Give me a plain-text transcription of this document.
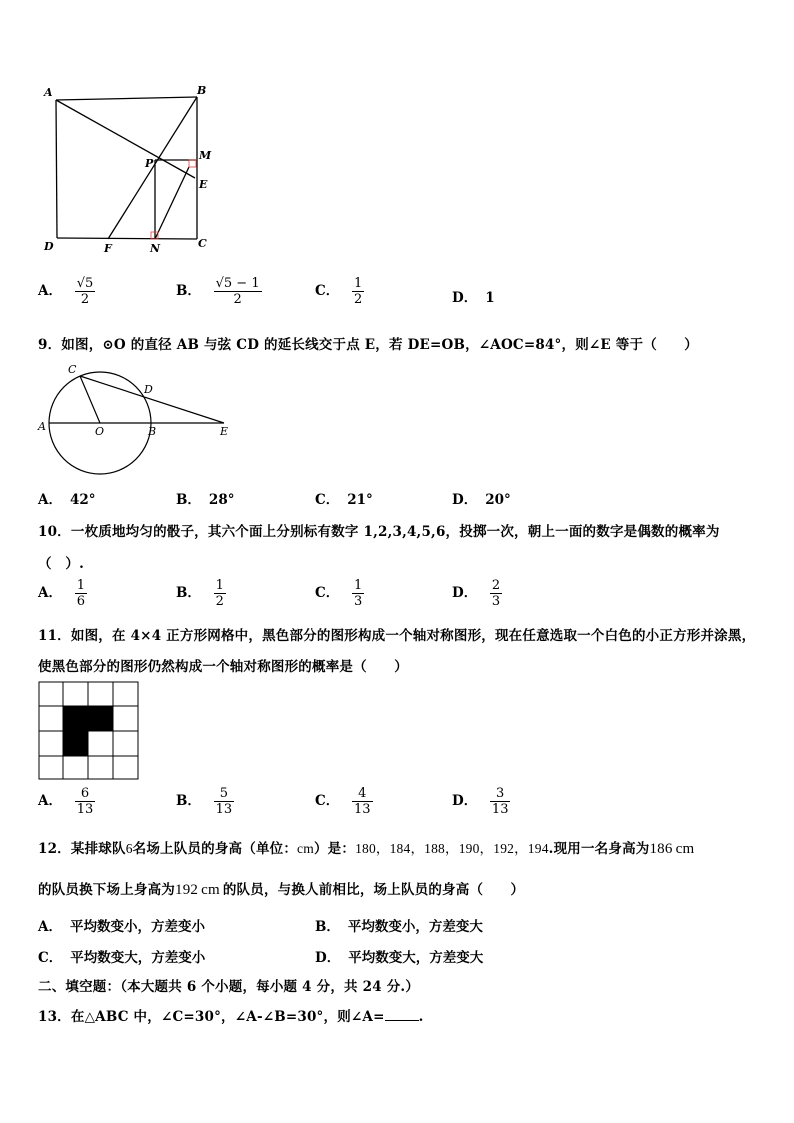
A	B
M
P
E
D	F	N	C
A． $\frac{√5}{2}$	B． $\frac{√5 - 1}{2}$	C． $\frac{1}{2}$	D． 1
9．如图，⊙O 的直径 AB 与弦 CD 的延长线交于点 E，若 DE=OB，∠AOC=84°，则∠E 等于（　　）
C
D
A	O	B	E
A． 42°	B． 28°	C． 21°	D． 20°
10．一枚质地均匀的骰子，其六个面上分别标有数字 1,2,3,4,5,6，投掷一次，朝上一面的数字是偶数的概率为
（　）.
A． $\frac{1}{6}$	B． $\frac{1}{2}$	C． $\frac{1}{3}$	D． $\frac{2}{3}$
11．如图，在 4×4 正方形网格中，黑色部分的图形构成一个轴对称图形，现在任意选取一个白色的小正方形并涂黑，
使黑色部分的图形仍然构成一个轴对称图形的概率是（　　）
A． $\frac{6}{13}$	B． $\frac{5}{13}$	C． $\frac{4}{13}$	D． $\frac{3}{13}$
12．某排球队6名场上队员的身高（单位：cm）是：180，184，188，190，192，194.现用一名身高为186 cm
的队员换下场上身高为192 cm 的队员，与换人前相比，场上队员的身高（　　）
A． 平均数变小，方差变小	B． 平均数变小，方差变大
C． 平均数变大，方差变小	D． 平均数变大，方差变大
二、填空题：（本大题共 6 个小题，每小题 4 分，共 24 分.）
13．在△ABC 中，∠C=30°，∠A-∠B=30°，则∠A=	.
